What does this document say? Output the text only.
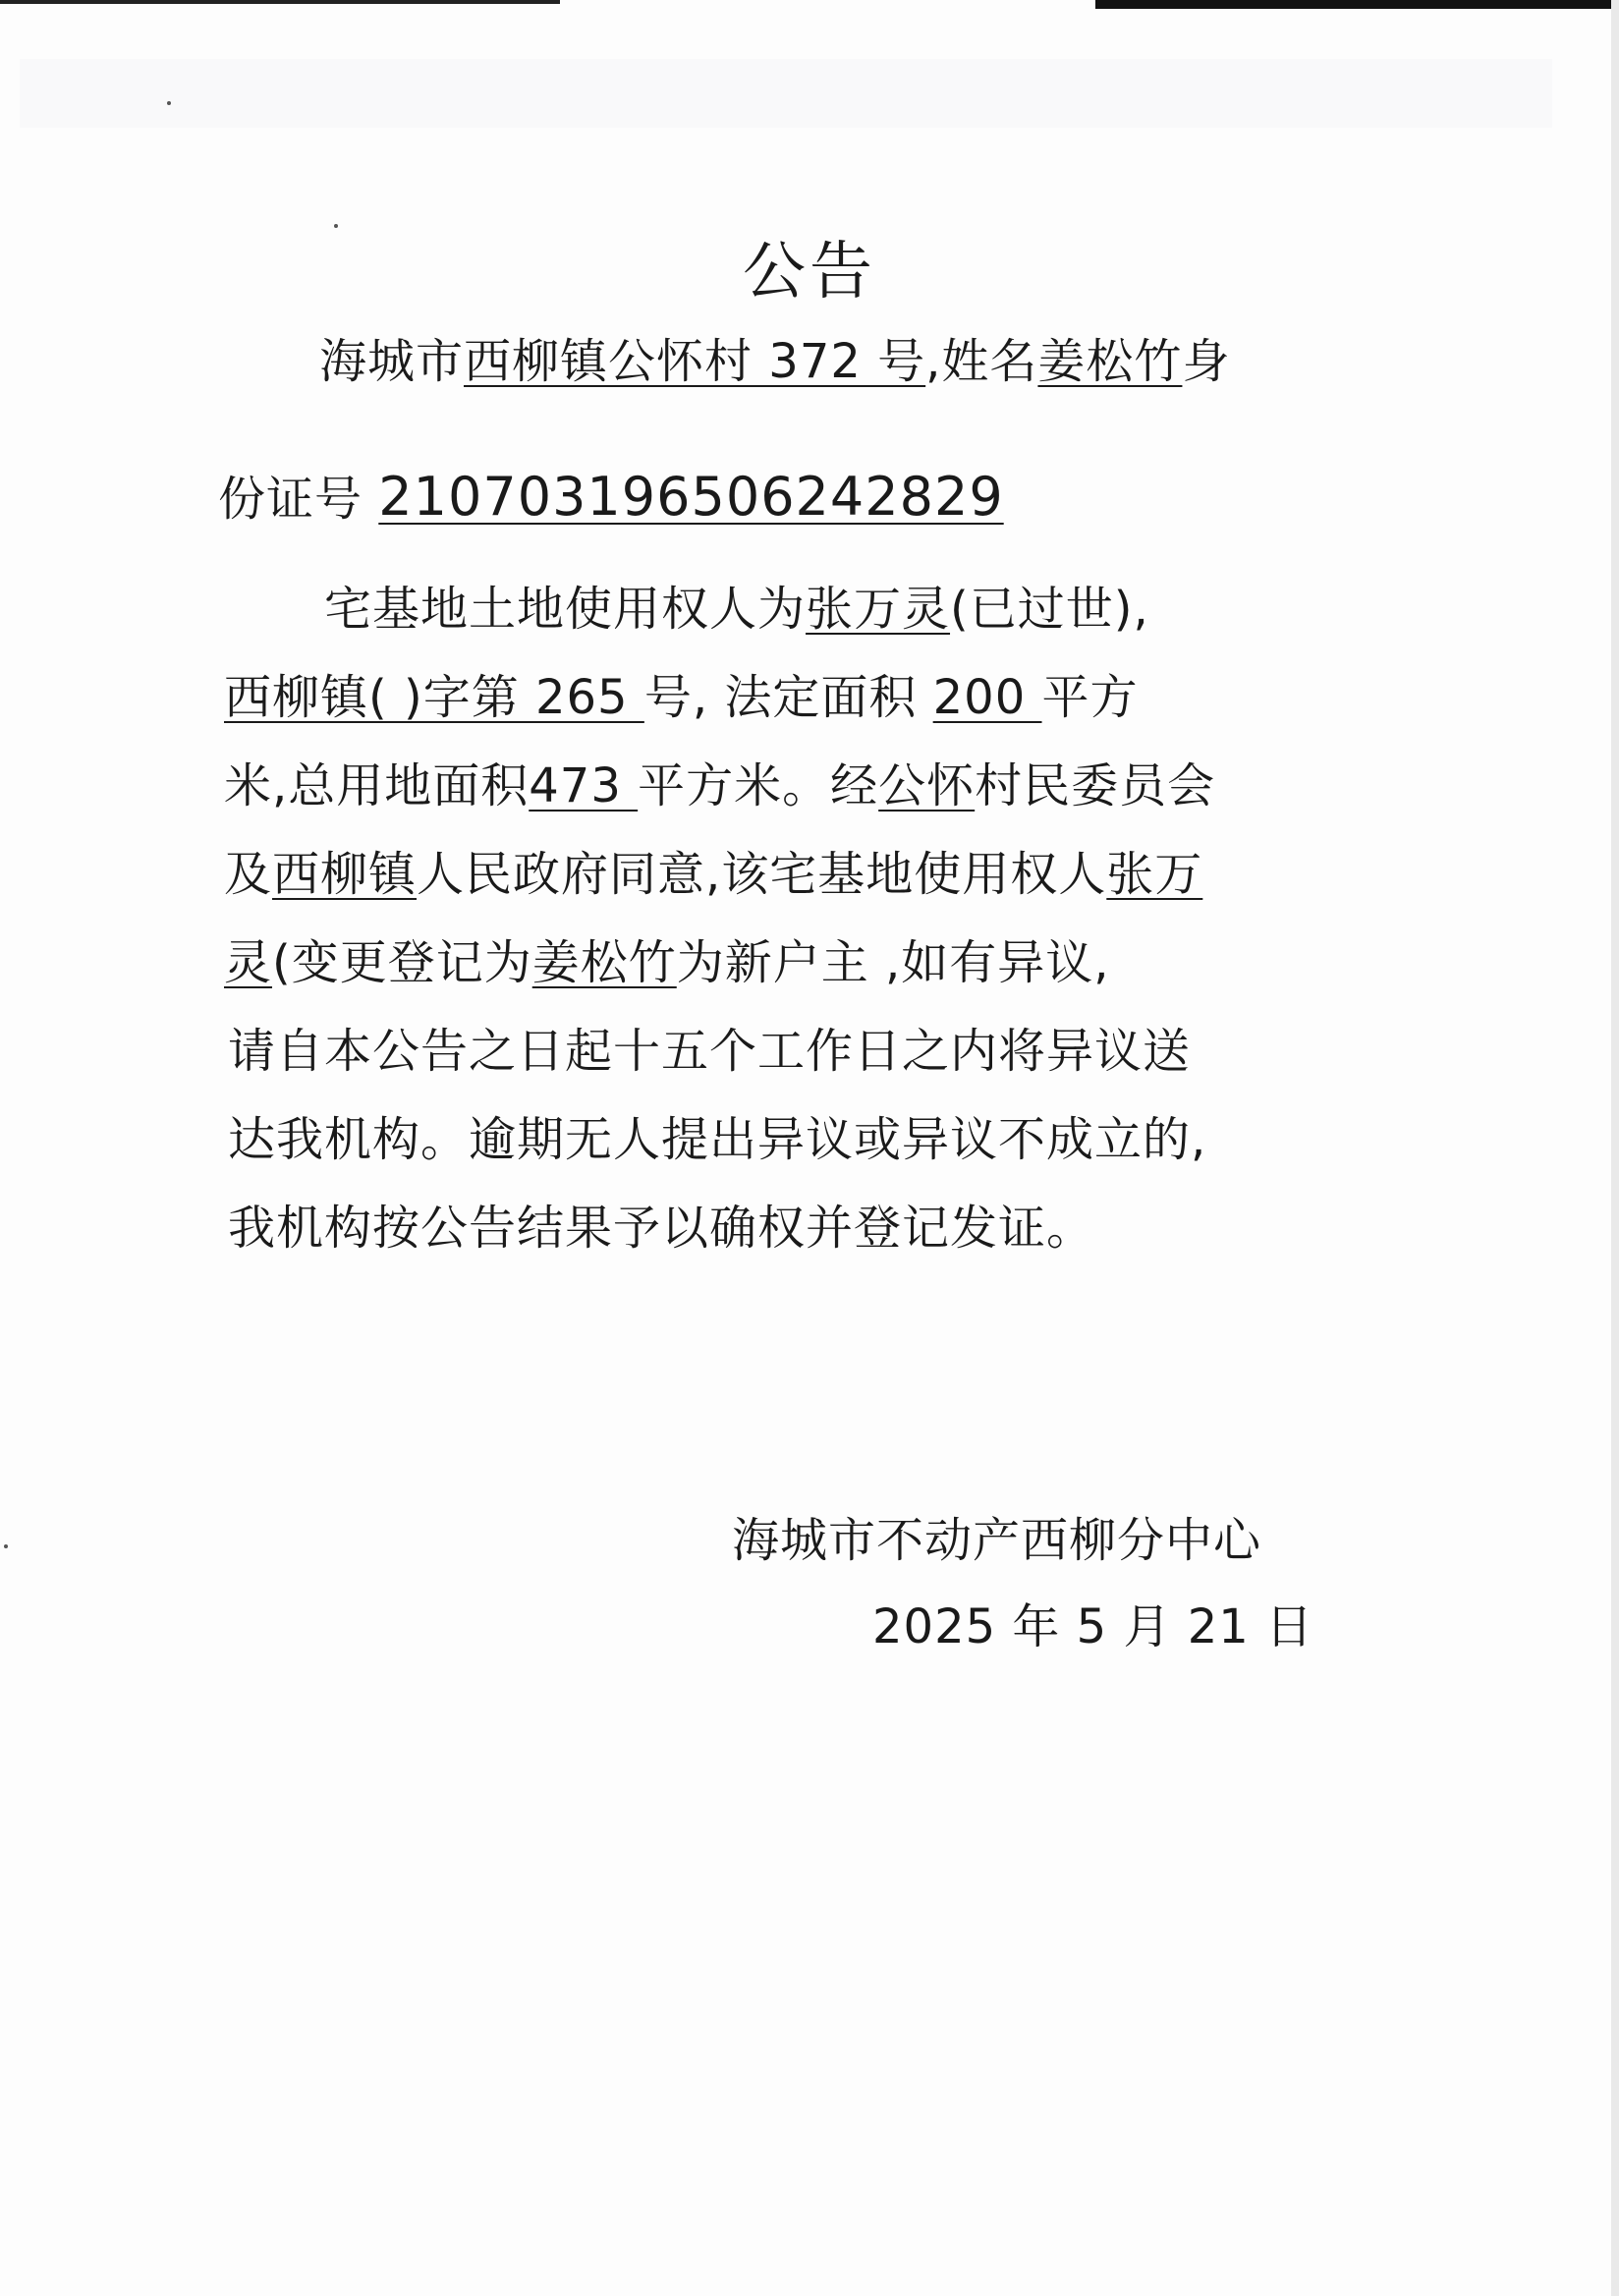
公告
海城市西柳镇公怀村 372 号,姓名姜松竹身
份证号 210703196506242829
宅基地土地使用权人为张万灵(已过世),
西柳镇( )字第 265 号, 法定面积 200 平方
米,总用地面积473 平方米。经公怀村民委员会
及西柳镇人民政府同意,该宅基地使用权人张万
灵(变更登记为姜松竹为新户主 ,如有异议,
请自本公告之日起十五个工作日之内将异议送
达我机构。逾期无人提出异议或异议不成立的,
我机构按公告结果予以确权并登记发证。
海城市不动产西柳分中心
2025 年 5 月 21 日
